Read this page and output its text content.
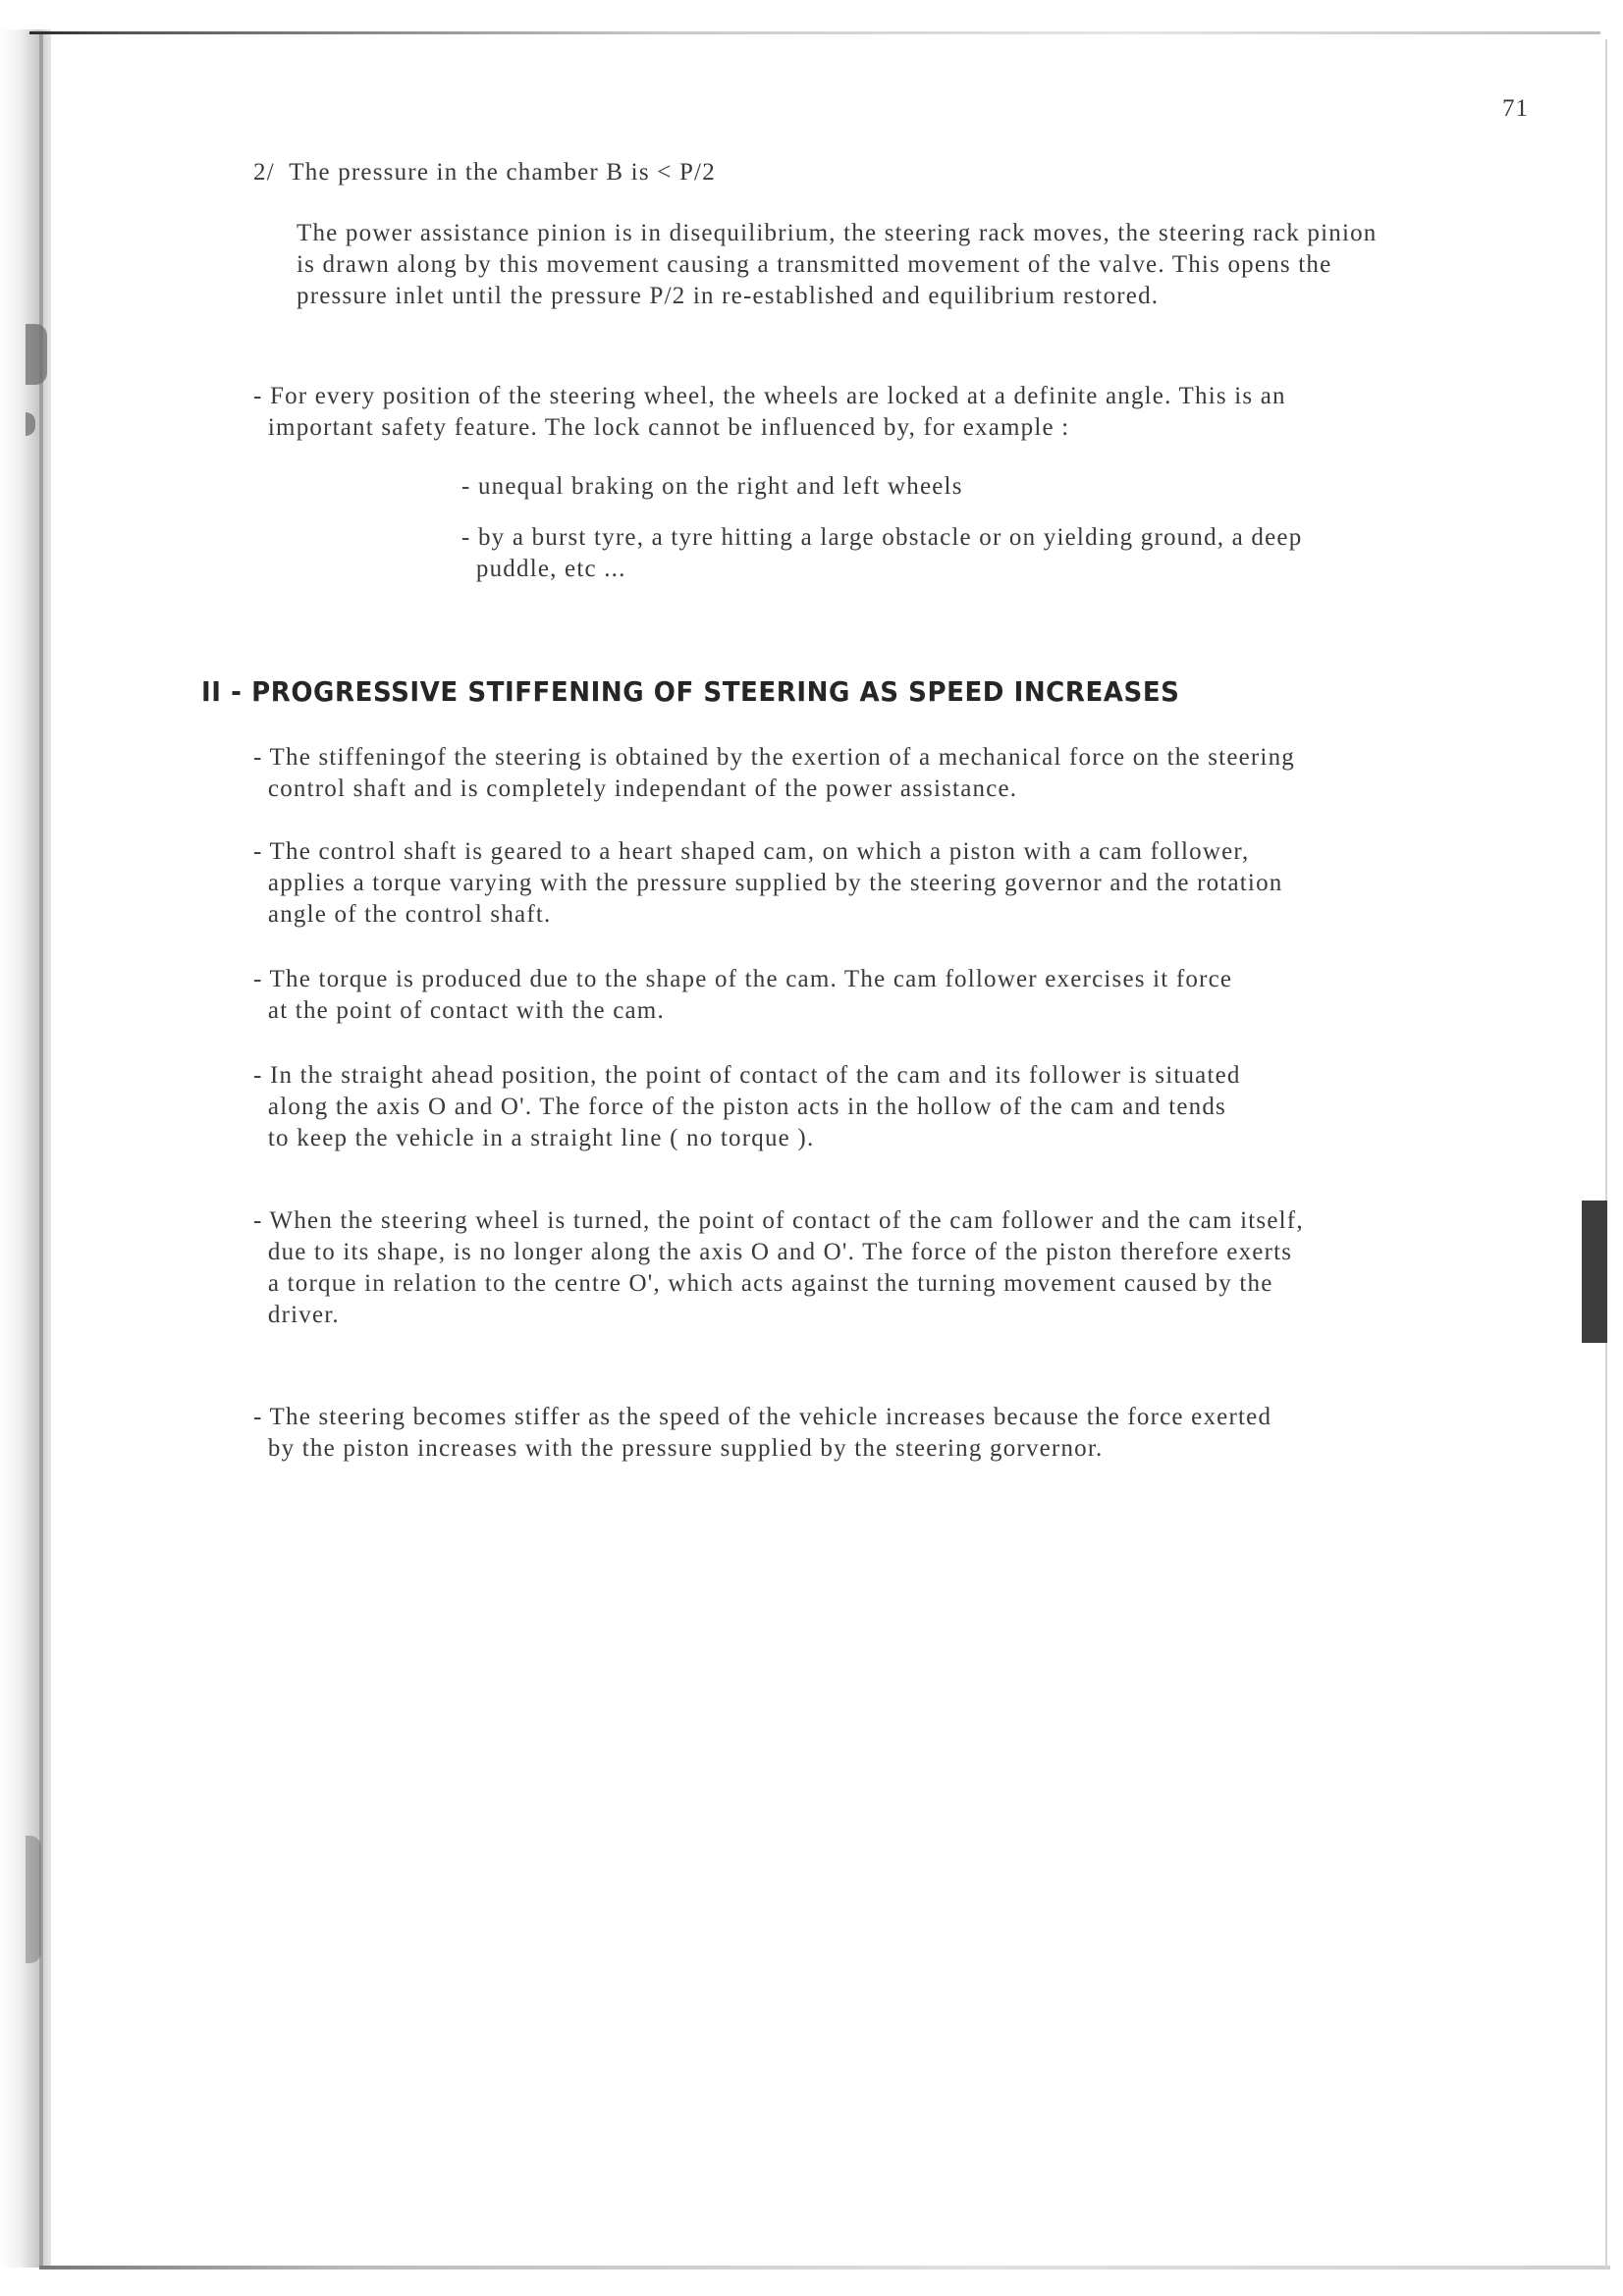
71
2/  The pressure in the chamber B is < P/2
The power assistance pinion is in disequilibrium, the steering rack moves, the steering rack pinion
is drawn along by this movement causing a transmitted movement of the valve. This opens the
pressure inlet until the pressure P/2 in re-established and equilibrium restored.
- For every position of the steering wheel, the wheels are locked at a definite angle. This is an
important safety feature. The lock cannot be influenced by, for example :
- unequal braking on the right and left wheels
- by a burst tyre, a tyre hitting a large obstacle or on yielding ground, a deep
puddle, etc ...
II - PROGRESSIVE STIFFENING OF STEERING AS SPEED INCREASES
- The stiffeningof the steering is obtained by the exertion of a mechanical force on the steering
control shaft and is completely independant of the power assistance.
- The control shaft is geared to a heart shaped cam, on which a piston with a cam follower,
applies a torque varying with the pressure supplied by the steering governor and the rotation
angle of the control shaft.
- The torque is produced due to the shape of the cam. The cam follower exercises it force
at the point of contact with the cam.
- In the straight ahead position, the point of contact of the cam and its follower is situated
along the axis O and O'. The force of the piston acts in the hollow of the cam and tends
to keep the vehicle in a straight line ( no torque ).
- When the steering wheel is turned, the point of contact of the cam follower and the cam itself,
due to its shape, is no longer along the axis O and O'. The force of the piston therefore exerts
a torque in relation to the centre O', which acts against the turning movement caused by the
driver.
- The steering becomes stiffer as the speed of the vehicle increases because the force exerted
by the piston increases with the pressure supplied by the steering gorvernor.
